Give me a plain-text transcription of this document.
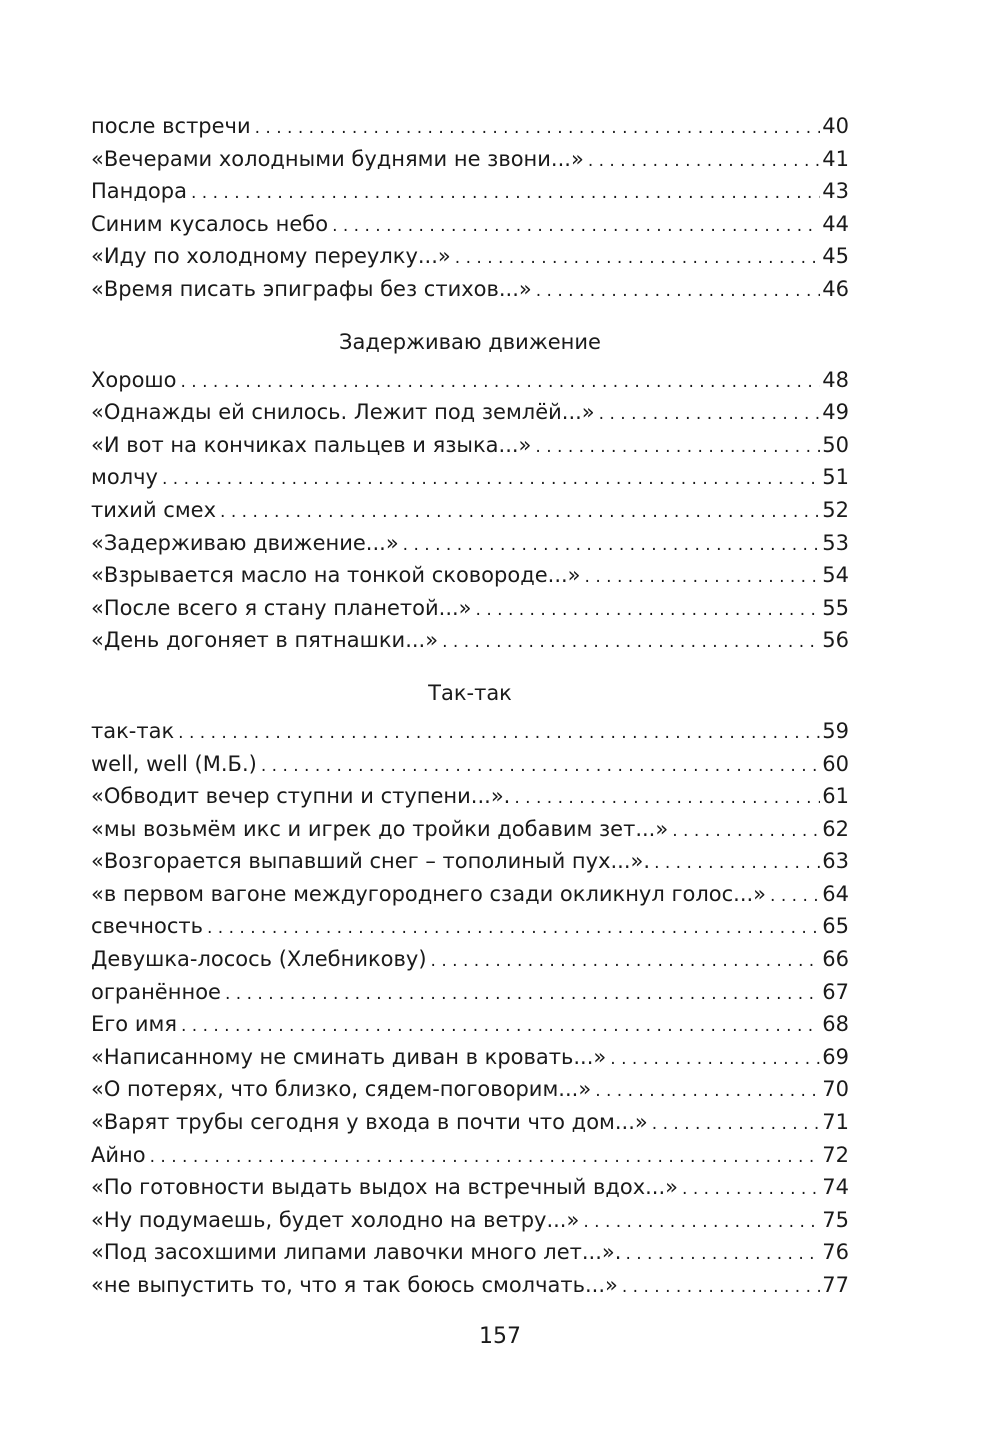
после встречи . . .	40
«Вечерами холодными буднями не звони...» . . .	41
Пандора . . .	43
Синим кусалось небо . . .	44
«Иду по холодному переулку...» . . .	45
«Время писать эпиграфы без стихов...» . . .	46
Задерживаю движение
Хорошо . . .	48
«Однажды ей снилось. Лежит под землёй...» . . .	49
«И вот на кончиках пальцев и языка...» . . .	50
молчу . . .	51
тихий смех . . .	52
«Задерживаю движение...» . . .	53
«Взрывается масло на тонкой сковороде...» . . .	54
«После всего я стану планетой...» . . .	55
«День догоняет в пятнашки...» . . .	56
Так-так
так-так . . .	59
well, well (М.Б.) . . .	60
«Обводит вечер ступни и ступени...». . . .	61
«мы возьмём икс и игрек до тройки добавим зет...» . . .	62
«Возгорается выпавший снег – тополиный пух...». . . .	63
«в первом вагоне междугороднего сзади окликнул голос...» . . .	64
свечность . . .	65
Девушка-лосось (Хлебникову) . . .	66
огранённое . . .	67
Его имя . . .	68
«Написанному не сминать диван в кровать...» . . .	69
«О потерях, что близко, сядем-поговорим...» . . .	70
«Варят трубы сегодня у входа в почти что дом...» . . .	71
Айно . . .	72
«По готовности выдать выдох на встречный вдох...» . . .	74
«Ну подумаешь, будет холодно на ветру...» . . .	75
«Под засохшими липами лавочки много лет...». . . .	76
«не выпустить то, что я так боюсь смолчать...» . . .	77
157
